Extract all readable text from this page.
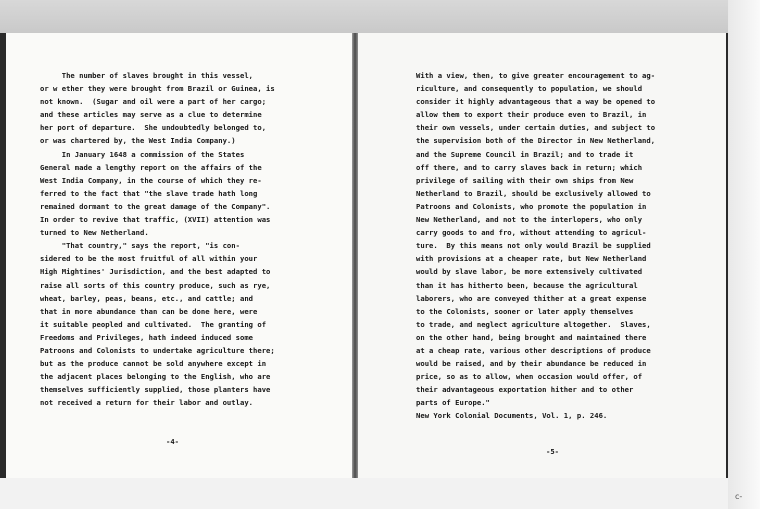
The number of slaves brought in this vessel,
or w ether they were brought from Brazil or Guinea, is
not known.  (Sugar and oil were a part of her cargo;
and these articles may serve as a clue to determine
her port of departure.  She undoubtedly belonged to,
or was chartered by, the West India Company.)
In January 1648 a commission of the States
General made a lengthy report on the affairs of the
West India Company, in the course of which they re-
ferred to the fact that "the slave trade hath long
remained dormant to the great damage of the Company".
In order to revive that traffic, (XVII) attention was
turned to New Netherland.
"That country," says the report, "is con-
sidered to be the most fruitful of all within your
High Mightines' Jurisdiction, and the best adapted to
raise all sorts of this country produce, such as rye,
wheat, barley, peas, beans, etc., and cattle; and
that in more abundance than can be done here, were
it suitable peopled and cultivated.  The granting of
Freedoms and Privileges, hath indeed induced some
Patroons and Colonists to undertake agriculture there;
but as the produce cannot be sold anywhere except in
the adjacent places belonging to the English, who are
themselves sufficiently supplied, those planters have
not received a return for their labor and outlay.
-4-
With a view, then, to give greater encouragement to ag-
riculture, and consequently to population, we should
consider it highly advantageous that a way be opened to
allow them to export their produce even to Brazil, in
their own vessels, under certain duties, and subject to
the supervision both of the Director in New Netherland,
and the Supreme Council in Brazil; and to trade it
off there, and to carry slaves back in return; which
privilege of sailing with their own ships from New
Netherland to Brazil, should be exclusively allowed to
Patroons and Colonists, who promote the population in
New Netherland, and not to the interlopers, who only
carry goods to and fro, without attending to agricul-
ture.  By this means not only would Brazil be supplied
with provisions at a cheaper rate, but New Netherland
would by slave labor, be more extensively cultivated
than it has hitherto been, because the agricultural
laborers, who are conveyed thither at a great expense
to the Colonists, sooner or later apply themselves
to trade, and neglect agriculture altogether.  Slaves,
on the other hand, being brought and maintained there
at a cheap rate, various other descriptions of produce
would be raised, and by their abundance be reduced in
price, so as to allow, when occasion would offer, of
their advantageous exportation hither and to other
parts of Europe."
New York Colonial Documents, Vol. 1, p. 246.
-5-
c-
